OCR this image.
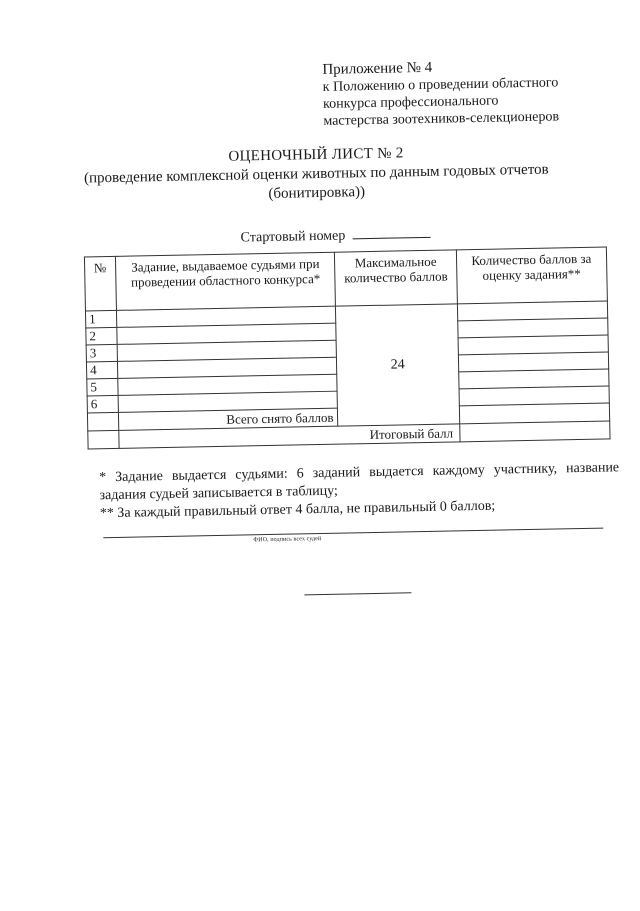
Приложение № 4
к Положению о проведении областного
конкурса профессионального
мастерства зоотехников-селекционеров
ОЦЕНОЧНЫЙ ЛИСТ № 2
(проведение комплексной оценки животных по данным годовых отчетов
(бонитировка))
Стартовый номер
№	Задание, выдаваемое судьями при проведении областного конкурса*	Максимальное количество баллов	Количество баллов за оценку задания**
1		24	
2			
3			
4			
5			
6			
	Всего снято баллов		
	Итоговый балл		

* Задание выдается судьями: 6 заданий выдается каждому участнику, название задания судьей записывается в таблицу;

** За каждый правильный ответ 4 балла, не правильный 0 баллов;

ФИО, подпись всех судей
